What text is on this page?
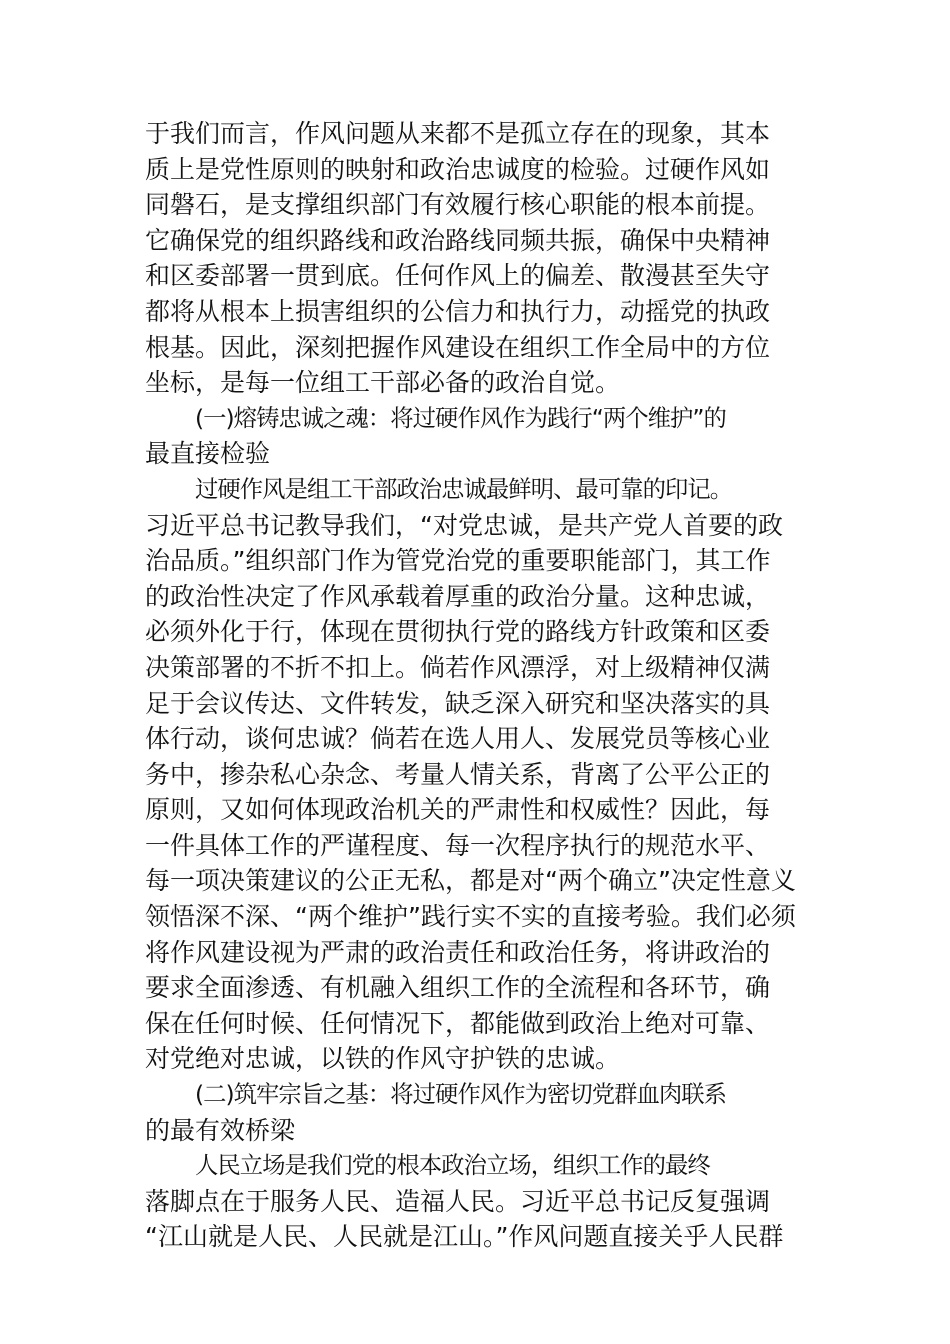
于我们而言，作风问题从来都不是孤立存在的现象，其本
质上是党性原则的映射和政治忠诚度的检验。过硬作风如
同磐石，是支撑组织部门有效履行核心职能的根本前提。
它确保党的组织路线和政治路线同频共振，确保中央精神
和区委部署一贯到底。任何作风上的偏差、散漫甚至失守
都将从根本上损害组织的公信力和执行力，动摇党的执政
根基。因此，深刻把握作风建设在组织工作全局中的方位
坐标，是每一位组工干部必备的政治自觉。
(一)熔铸忠诚之魂：将过硬作风作为践行“两个维护”的
最直接检验
过硬作风是组工干部政治忠诚最鲜明、最可靠的印记。
习近平总书记教导我们，“对党忠诚，是共产党人首要的政
治品质。”组织部门作为管党治党的重要职能部门，其工作
的政治性决定了作风承载着厚重的政治分量。这种忠诚，
必须外化于行，体现在贯彻执行党的路线方针政策和区委
决策部署的不折不扣上。倘若作风漂浮，对上级精神仅满
足于会议传达、文件转发，缺乏深入研究和坚决落实的具
体行动，谈何忠诚？倘若在选人用人、发展党员等核心业
务中，掺杂私心杂念、考量人情关系，背离了公平公正的
原则，又如何体现政治机关的严肃性和权威性？因此，每
一件具体工作的严谨程度、每一次程序执行的规范水平、
每一项决策建议的公正无私，都是对“两个确立”决定性意义
领悟深不深、“两个维护”践行实不实的直接考验。我们必须
将作风建设视为严肃的政治责任和政治任务，将讲政治的
要求全面渗透、有机融入组织工作的全流程和各环节，确
保在任何时候、任何情况下，都能做到政治上绝对可靠、
对党绝对忠诚，以铁的作风守护铁的忠诚。
(二)筑牢宗旨之基：将过硬作风作为密切党群血肉联系
的最有效桥梁
人民立场是我们党的根本政治立场，组织工作的最终
落脚点在于服务人民、造福人民。习近平总书记反复强调
“江山就是人民、人民就是江山。”作风问题直接关乎人民群
